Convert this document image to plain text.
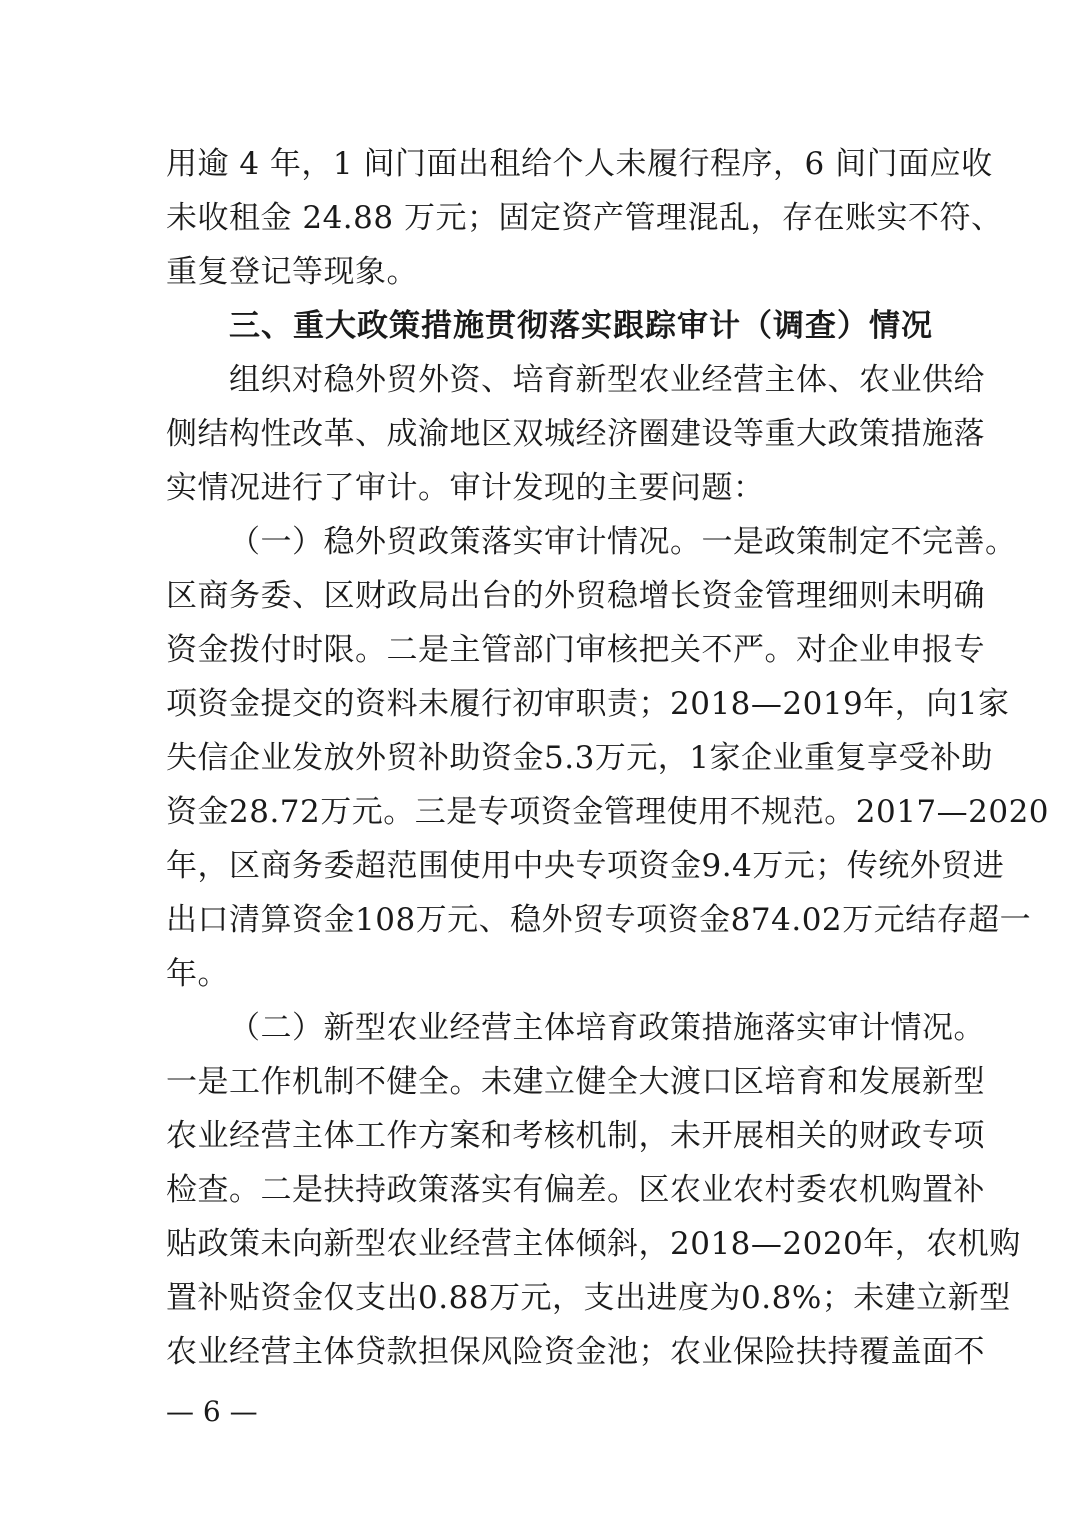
用逾 4 年，1 间门面出租给个人未履行程序，6 间门面应收
未收租金 24.88 万元；固定资产管理混乱，存在账实不符、
重复登记等现象。
三、重大政策措施贯彻落实跟踪审计（调查）情况
组织对稳外贸外资、培育新型农业经营主体、农业供给
侧结构性改革、成渝地区双城经济圈建设等重大政策措施落
实情况进行了审计。审计发现的主要问题：
（一）稳外贸政策落实审计情况。一是政策制定不完善。
区商务委、区财政局出台的外贸稳增长资金管理细则未明确
资金拨付时限。二是主管部门审核把关不严。对企业申报专
项资金提交的资料未履行初审职责；2018—2019年，向1家
失信企业发放外贸补助资金5.3万元，1家企业重复享受补助
资金28.72万元。三是专项资金管理使用不规范。2017—2020
年，区商务委超范围使用中央专项资金9.4万元；传统外贸进
出口清算资金108万元、稳外贸专项资金874.02万元结存超一
年。
（二）新型农业经营主体培育政策措施落实审计情况。
一是工作机制不健全。未建立健全大渡口区培育和发展新型
农业经营主体工作方案和考核机制，未开展相关的财政专项
检查。二是扶持政策落实有偏差。区农业农村委农机购置补
贴政策未向新型农业经营主体倾斜，2018—2020年，农机购
置补贴资金仅支出0.88万元，支出进度为0.8%；未建立新型
农业经营主体贷款担保风险资金池；农业保险扶持覆盖面不
— 6 —
